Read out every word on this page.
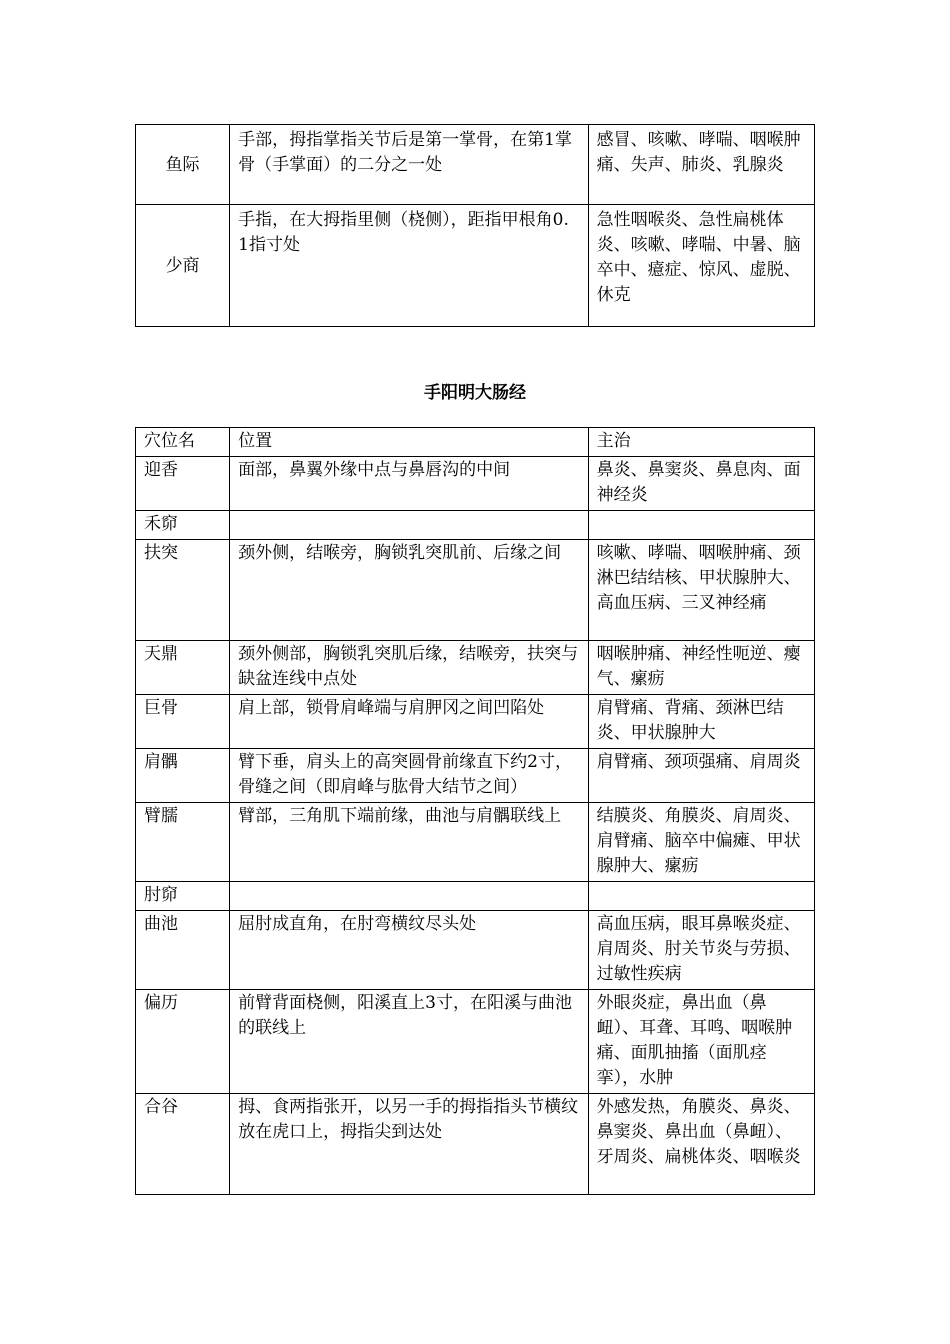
鱼际	手部，拇指掌指关节后是第一掌骨，在第1掌骨（手掌面）的二分之一处	感冒、咳嗽、哮喘、咽喉肿痛、失声、肺炎、乳腺炎
少商	手指，在大拇指里侧（桡侧），距指甲根角0.1指寸处	急性咽喉炎、急性扁桃体炎、咳嗽、哮喘、中暑、脑卒中、癔症、惊风、虚脱、休克
手阳明大肠经
穴位名	位置	主治
迎香	面部，鼻翼外缘中点与鼻唇沟的中间	鼻炎、鼻窦炎、鼻息肉、面神经炎
禾窌		
扶突	颈外侧，结喉旁，胸锁乳突肌前、后缘之间	咳嗽、哮喘、咽喉肿痛、颈淋巴结结核、甲状腺肿大、高血压病、三叉神经痛
天鼎	颈外侧部，胸锁乳突肌后缘，结喉旁，扶突与缺盆连线中点处	咽喉肿痛、神经性呃逆、瘿气、瘰疬
巨骨	肩上部，锁骨肩峰端与肩胛冈之间凹陷处	肩臂痛、背痛、颈淋巴结炎、甲状腺肿大
肩髃	臂下垂，肩头上的高突圆骨前缘直下约2寸，骨缝之间（即肩峰与肱骨大结节之间）	肩臂痛、颈项强痛、肩周炎
臂臑	臂部，三角肌下端前缘，曲池与肩髃联线上	结膜炎、角膜炎、肩周炎、肩臂痛、脑卒中偏瘫、甲状腺肿大、瘰疬
肘窌		
曲池	屈肘成直角，在肘弯横纹尽头处	高血压病，眼耳鼻喉炎症、肩周炎、肘关节炎与劳损、过敏性疾病
偏历	前臂背面桡侧，阳溪直上3寸，在阳溪与曲池的联线上	外眼炎症，鼻出血（鼻衄）、耳聋、耳鸣、咽喉肿痛、面肌抽搐（面肌痉挛），水肿
合谷	拇、食两指张开，以另一手的拇指指头节横纹放在虎口上，拇指尖到达处	外感发热，角膜炎、鼻炎、鼻窦炎、鼻出血（鼻衄）、牙周炎、扁桃体炎、咽喉炎
